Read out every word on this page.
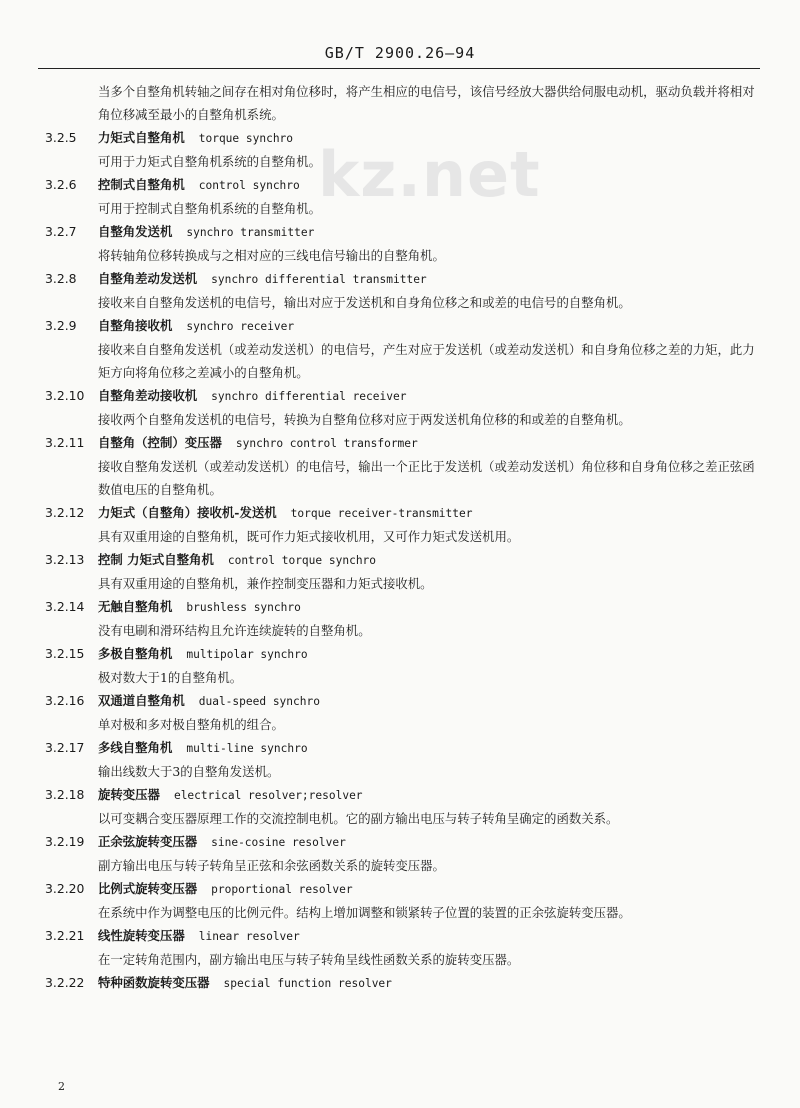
GB/T 2900.26—94
kz.net
当多个自整角机转轴之间存在相对角位移时，将产生相应的电信号，该信号经放大器供给伺服电动机，驱动负载并将相对角位移减至最小的自整角机系统。
3.2.5	力矩式自整角机 torque synchro
可用于力矩式自整角机系统的自整角机。
3.2.6	控制式自整角机 control synchro
可用于控制式自整角机系统的自整角机。
3.2.7	自整角发送机 synchro transmitter
将转轴角位移转换成与之相对应的三线电信号输出的自整角机。
3.2.8	自整角差动发送机 synchro differential transmitter
接收来自自整角发送机的电信号，输出对应于发送机和自身角位移之和或差的电信号的自整角机。
3.2.9	自整角接收机 synchro receiver
接收来自自整角发送机（或差动发送机）的电信号，产生对应于发送机（或差动发送机）和自身角位移之差的力矩，此力矩方向将角位移之差减小的自整角机。
3.2.10	自整角差动接收机 synchro differential receiver
接收两个自整角发送机的电信号，转换为自整角位移对应于两发送机角位移的和或差的自整角机。
3.2.11	自整角（控制）变压器 synchro control transformer
接收自整角发送机（或差动发送机）的电信号，输出一个正比于发送机（或差动发送机）角位移和自身角位移之差正弦函数值电压的自整角机。
3.2.12	力矩式（自整角）接收机-发送机 torque receiver-transmitter
具有双重用途的自整角机，既可作力矩式接收机用，又可作力矩式发送机用。
3.2.13	控制 力矩式自整角机 control torque synchro
具有双重用途的自整角机，兼作控制变压器和力矩式接收机。
3.2.14	无触自整角机 brushless synchro
没有电刷和滑环结构且允许连续旋转的自整角机。
3.2.15	多极自整角机 multipolar synchro
极对数大于1的自整角机。
3.2.16	双通道自整角机 dual-speed synchro
单对极和多对极自整角机的组合。
3.2.17	多线自整角机 multi-line synchro
输出线数大于3的自整角发送机。
3.2.18	旋转变压器 electrical resolver;resolver
以可变耦合变压器原理工作的交流控制电机。它的副方输出电压与转子转角呈确定的函数关系。
3.2.19	正余弦旋转变压器 sine-cosine resolver
副方输出电压与转子转角呈正弦和余弦函数关系的旋转变压器。
3.2.20	比例式旋转变压器 proportional resolver
在系统中作为调整电压的比例元件。结构上增加调整和锁紧转子位置的装置的正余弦旋转变压器。
3.2.21	线性旋转变压器 linear resolver
在一定转角范围内，副方输出电压与转子转角呈线性函数关系的旋转变压器。
3.2.22	特种函数旋转变压器 special function resolver
2
